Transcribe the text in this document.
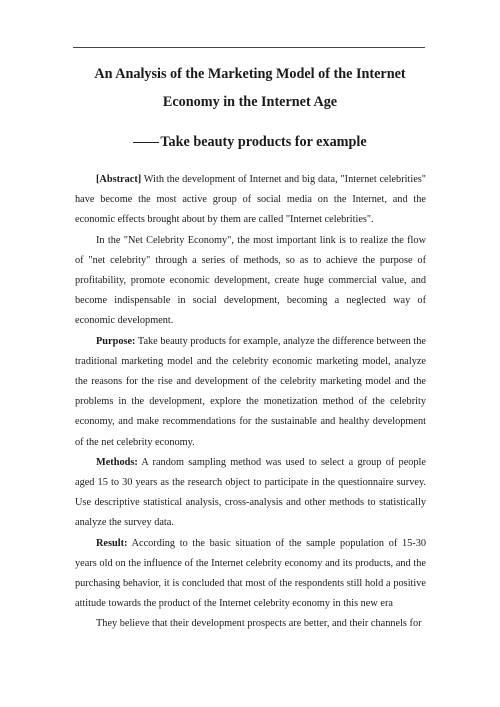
An Analysis of the Marketing Model of the Internet
Economy in the Internet Age
Take beauty products for example

[Abstract] With the development of Internet and big data, "Internet celebrities" have become the most active group of social media on the Internet, and the economic effects brought about by them are called "Internet celebrities".

In the "Net Celebrity Economy", the most important link is to realize the flow of "net celebrity" through a series of methods, so as to achieve the purpose of profitability, promote economic development, create huge commercial value, and become indispensable in social development, becoming a neglected way of economic development.

Purpose: Take beauty products for example, analyze the difference between the traditional marketing model and the celebrity economic marketing model, analyze the reasons for the rise and development of the celebrity marketing model and the problems in the development, explore the monetization method of the celebrity economy, and make recommendations for the sustainable and healthy development of the net celebrity economy.

Methods: A random sampling method was used to select a group of people aged 15 to 30 years as the research object to participate in the questionnaire survey. Use descriptive statistical analysis, cross-analysis and other methods to statistically analyze the survey data.

Result: According to the basic situation of the sample population of 15-30 years old on the influence of the Internet celebrity economy and its products, and the purchasing behavior, it is concluded that most of the respondents still hold a positive attitude towards the product of the Internet celebrity economy in this new era

They believe that their development prospects are better, and their channels for
